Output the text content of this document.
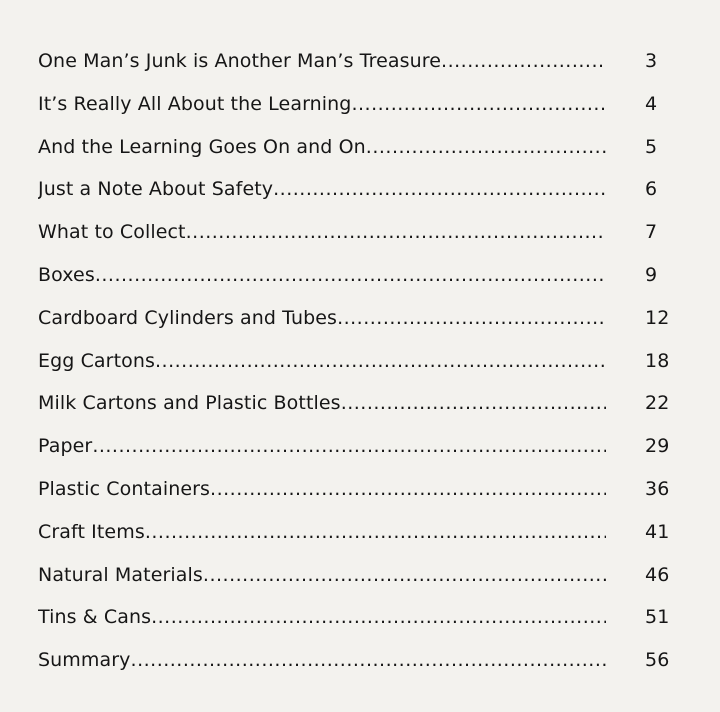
One Man’s Junk is Another Man’s Treasure .....	3
It’s Really All About the Learning .....	4
And the Learning Goes On and On .....	5
Just a Note About Safety .....	6
What to Collect .....	7
Boxes .....	9
Cardboard Cylinders and Tubes .....	12
Egg Cartons .....	18
Milk Cartons and Plastic Bottles .....	22
Paper .....	29
Plastic Containers .....	36
Craft Items .....	41
Natural Materials .....	46
Tins & Cans .....	51
Summary .....	56
